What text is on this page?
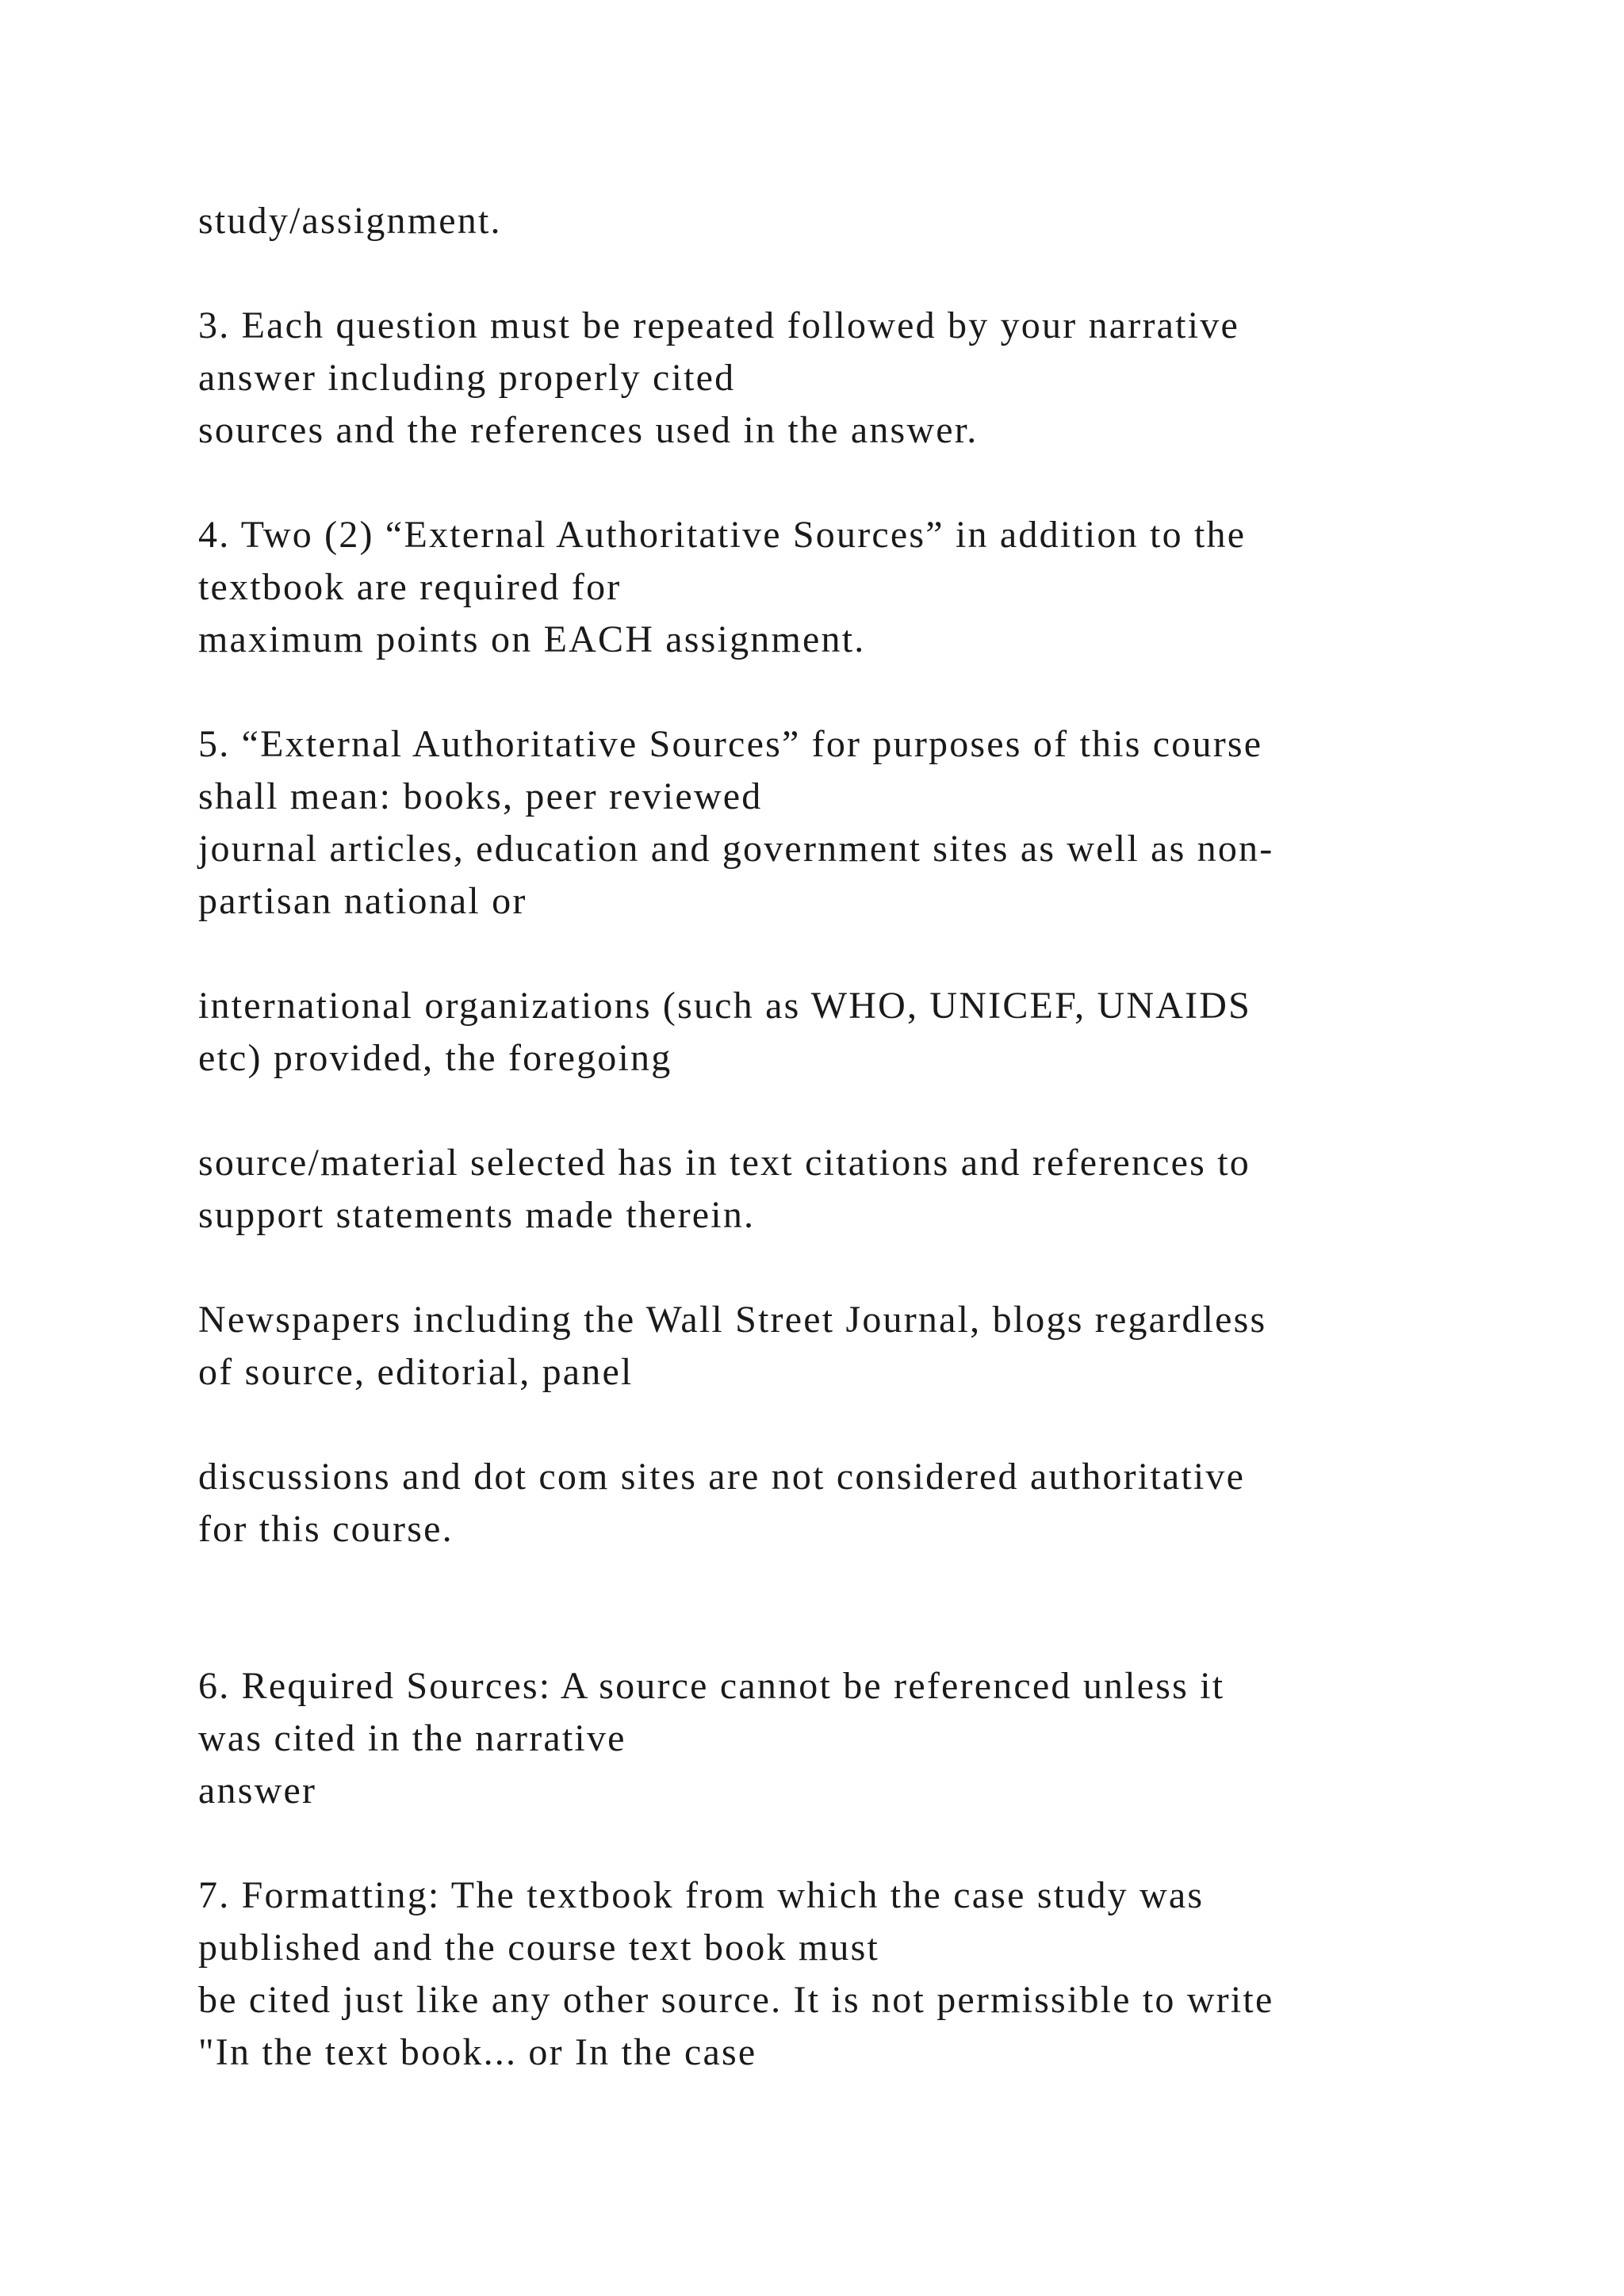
study/assignment.

3. Each question must be repeated followed by your narrative

answer including properly cited

sources and the references used in the answer.

4. Two (2) “External Authoritative Sources” in addition to the

textbook are required for

maximum points on EACH assignment.

5. “External Authoritative Sources” for purposes of this course

shall mean: books, peer reviewed

journal articles, education and government sites as well as non-

partisan national or

international organizations (such as WHO, UNICEF, UNAIDS

etc) provided, the foregoing

source/material selected has in text citations and references to

support statements made therein.

Newspapers including the Wall Street Journal, blogs regardless

of source, editorial, panel

discussions and dot com sites are not considered authoritative

for this course.

6. Required Sources: A source cannot be referenced unless it

was cited in the narrative

answer

7. Formatting: The textbook from which the case study was

published and the course text book must

be cited just like any other source. It is not permissible to write

"In the text book... or In the case
